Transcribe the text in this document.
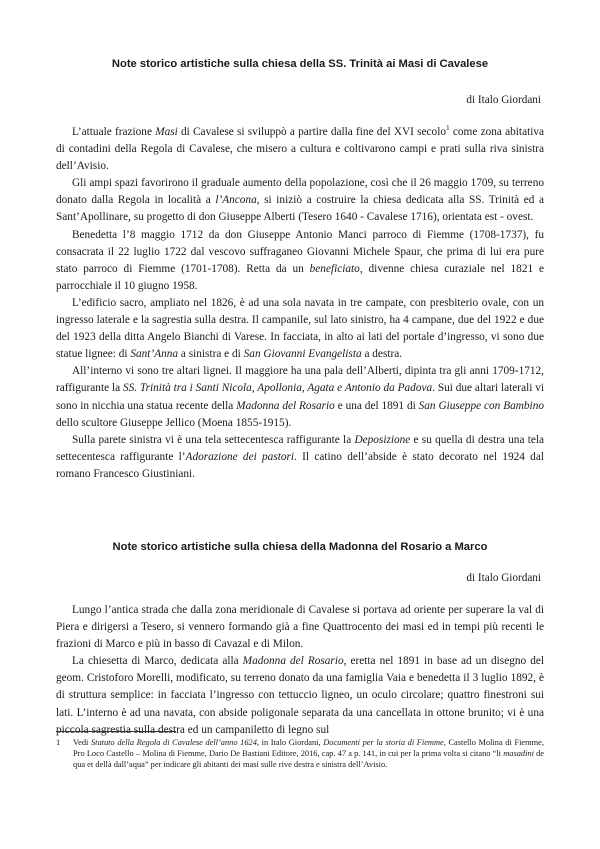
Note storico artistiche sulla chiesa della SS. Trinità ai Masi di Cavalese
di Italo Giordani

L’attuale frazione Masi di Cavalese si sviluppò a partire dalla fine del XVI secolo$^1$ come zona abitativa di contadini della Regola di Cavalese, che misero a cultura e coltivarono campi e prati sulla riva sinistra dell’Avisio.

Gli ampi spazi favorirono il graduale aumento della popolazione, così che il 26 maggio 1709, su terreno donato dalla Regola in località a l’Ancona, si iniziò a costruire la chiesa dedicata alla SS. Trinità ed a Sant’Apollinare, su progetto di don Giuseppe Alberti (Tesero 1640 - Cavalese 1716), orientata est - ovest.

Benedetta l’8 maggio 1712 da don Giuseppe Antonio Manci parroco di Fiemme (1708-1737), fu consacrata il 22 luglio 1722 dal vescovo suffraganeo Giovanni Michele Spaur, che prima di lui era pure stato parroco di Fiemme (1701-1708). Retta da un beneficiato, divenne chiesa curaziale nel 1821 e parrocchiale il 10 giugno 1958.

L’edificio sacro, ampliato nel 1826, è ad una sola navata in tre campate, con presbiterio ovale, con un ingresso laterale e la sagrestia sulla destra. Il campanile, sul lato sinistro, ha 4 campane, due del 1922 e due del 1923 della ditta Angelo Bianchi di Varese. In facciata, in alto ai lati del portale d’ingresso, vi sono due statue lignee: di Sant’Anna a sinistra e di San Giovanni Evangelista a destra.

All’interno vi sono tre altari lignei. Il maggiore ha una pala dell’Alberti, dipinta tra gli anni 1709-1712, raffigurante la SS. Trinità tra i Santi Nicola, Apollonia, Agata e Antonio da Padova. Sui due altari laterali vi sono in nicchia una statua recente della Madonna del Rosario e una del 1891 di San Giuseppe con Bambino dello scultore Giuseppe Jellico (Moena 1855-1915).

Sulla parete sinistra vi è una tela settecentesca raffigurante la Deposizione e su quella di destra una tela settecentesca raffigurante l’Adorazione dei pastori. Il catino dell’abside è stato decorato nel 1924 dal romano Francesco Giustiniani.

Note storico artistiche sulla chiesa della Madonna del Rosario a Marco
di Italo Giordani

Lungo l’antica strada che dalla zona meridionale di Cavalese si portava ad oriente per superare la val di Piera e dirigersi a Tesero, si vennero formando già a fine Quattrocento dei masi ed in tempi più recenti le frazioni di Marco e più in basso di Cavazal e di Milon.

La chiesetta di Marco, dedicata alla Madonna del Rosario, eretta nel 1891 in base ad un disegno del geom. Cristoforo Morelli, modificato, su terreno donato da una famiglia Vaia e benedetta il 3 luglio 1892, è di struttura semplice: in facciata l’ingresso con tettuccio ligneo, un oculo circolare; quattro finestroni sui lati. L’interno è ad una navata, con abside poligonale separata da una cancellata in ottone brunito; vi è una piccola sagrestia sulla destra ed un campaniletto di legno sul

1	Vedi Statuto della Regola di Cavalese dell’anno 1624, in Italo Giordani, Documenti per la storia di Fiemme, Castello Molina di Fiemme, Pro Loco Castello – Molina di Fiemme, Dario De Bastiani Editore, 2016, cap. 47 a p. 141, in cui per la prima volta si citano “li masadini de qua et dellà dall’aqua” per indicare gli abitanti dei masi sulle rive destra e sinistra dell’Avisio.
